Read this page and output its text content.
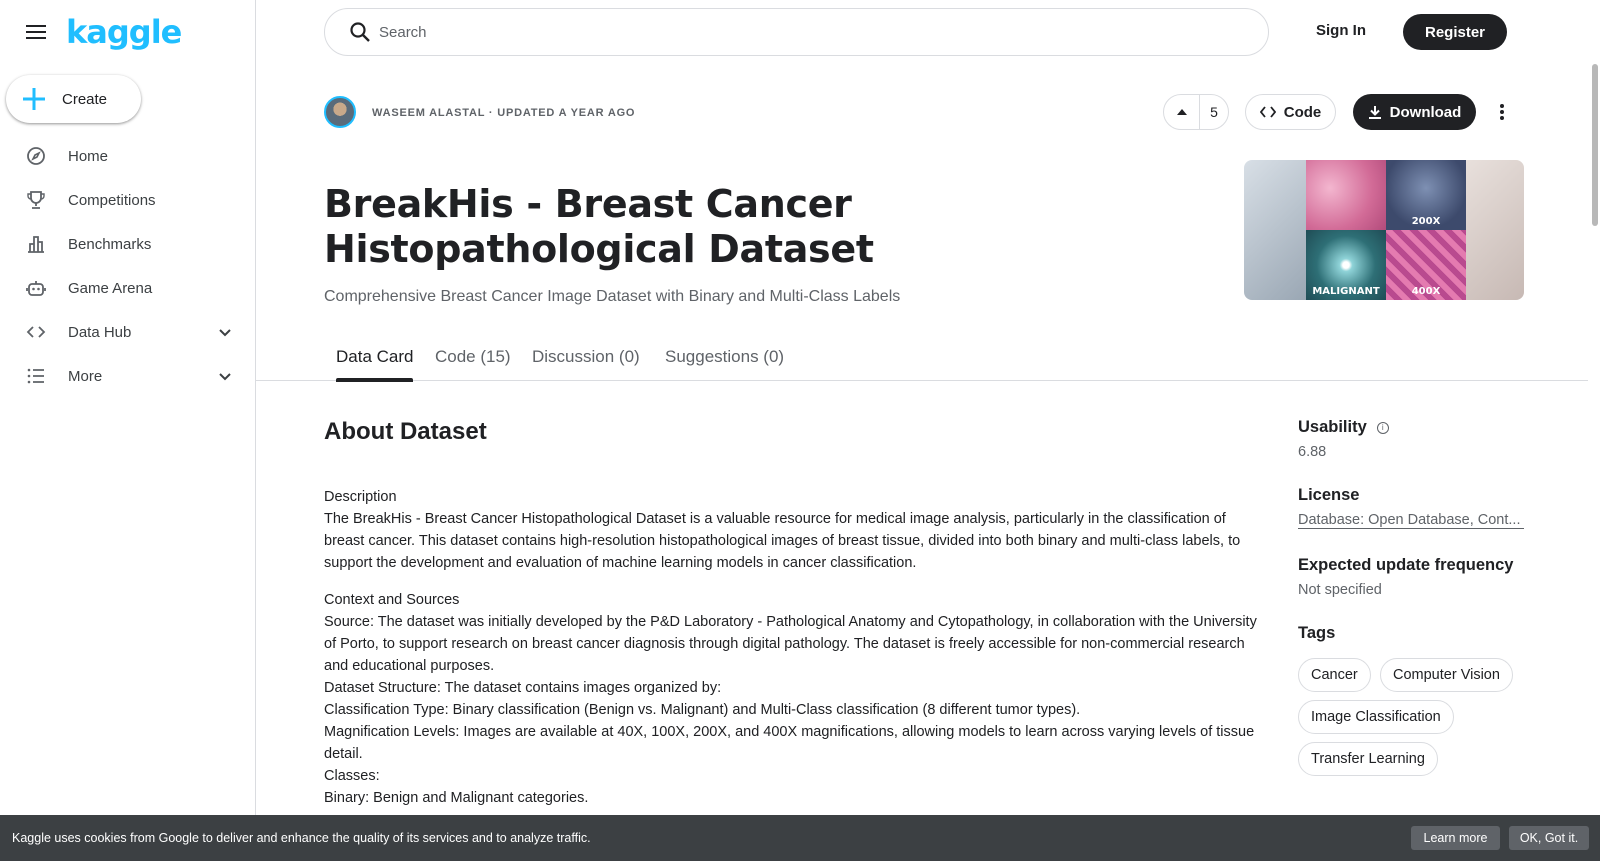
kaggle
Create
Home
Competitions
Benchmarks
Game Arena
Data Hub
More
Search
Sign In	Register
WASEEM ALASTAL · UPDATED A YEAR AGO	5	Code	Download
200X
MALIGNANT	400X
BreakHis - Breast Cancer Histopathological Dataset
Comprehensive Breast Cancer Image Dataset with Binary and Multi-Class Labels
Data Card Code (15) Discussion (0) Suggestions (0)
About Dataset

Description
The BreakHis - Breast Cancer Histopathological Dataset is a valuable resource for medical image analysis, particularly in the classification of breast cancer. This dataset contains high-resolution histopathological images of breast tissue, divided into both binary and multi-class labels, to support the development and evaluation of machine learning models in cancer classification.

Context and Sources
Source: The dataset was initially developed by the P&D Laboratory - Pathological Anatomy and Cytopathology, in collaboration with the University of Porto, to support research on breast cancer diagnosis through digital pathology. The dataset is freely accessible for non-commercial research and educational purposes.
Dataset Structure: The dataset contains images organized by:
Classification Type: Binary classification (Benign vs. Malignant) and Multi-Class classification (8 different tumor types).
Magnification Levels: Images are available at 40X, 100X, 200X, and 400X magnifications, allowing models to learn across varying levels of tissue detail.
Classes:
Binary: Benign and Malignant categories.

Usability i
6.88
License
Database: Open Database, Cont...
Expected update frequency
Not specified
Tags
Cancer	Computer Vision
Image Classification
Transfer Learning
Kaggle uses cookies from Google to deliver and enhance the quality of its services and to analyze traffic.	Learn more	OK, Got it.
